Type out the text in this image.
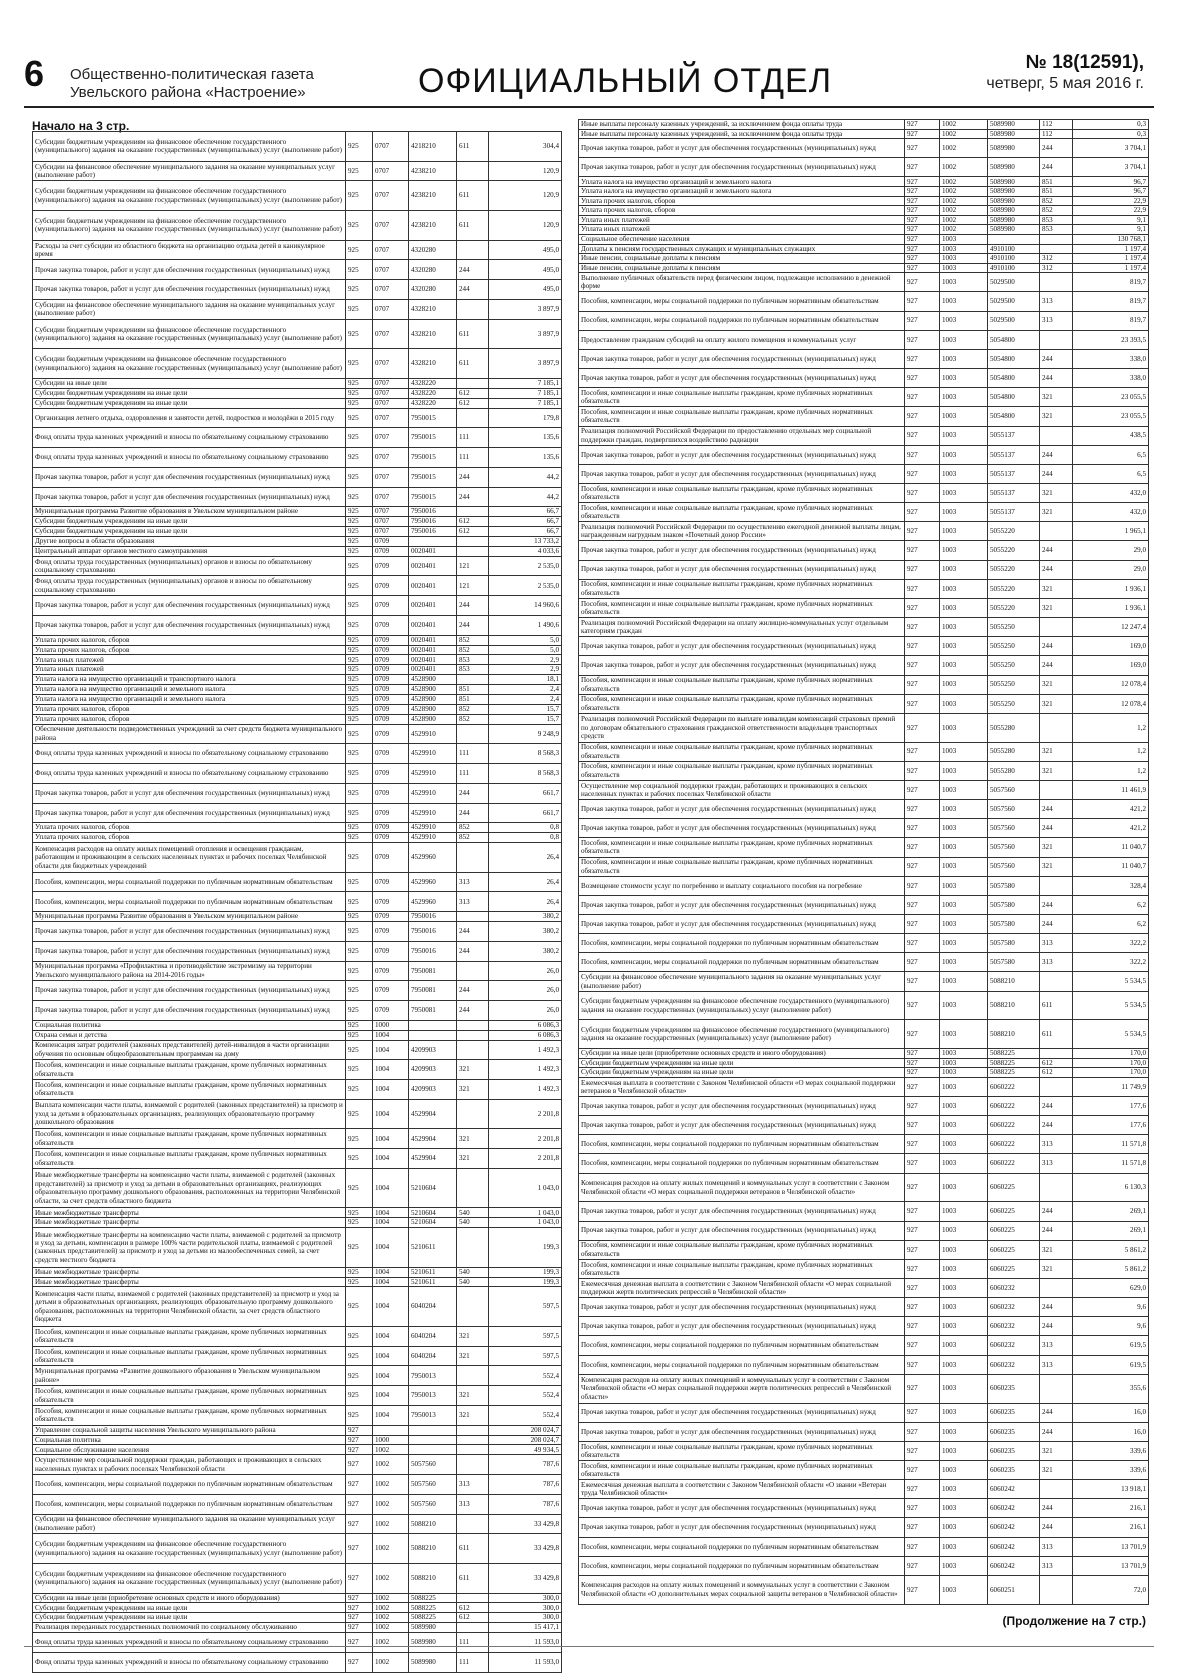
6 Общественно-политическая газета
Увельского района «Настроение»	ОФИЦИАЛЬНЫЙ ОТДЕЛ	№ 18(12591),
четверг, 5 мая 2016 г.
Начало на 3 стр.
Субсидии бюджетным учреждениям на финансовое обеспечение государственного (муниципального) задания на оказание государственных (муниципальных) услуг (выполнение работ)	925	0707	4218210	611	304,4
Субсидии на финансовое обеспечение муниципального задания на оказание муниципальных услуг (выполнение работ)	925	0707	4238210		120,9
Субсидии бюджетным учреждениям на финансовое обеспечение государственного (муниципального) задания на оказание государственных (муниципальных) услуг (выполнение работ)	925	0707	4238210	611	120,9
Субсидии бюджетным учреждениям на финансовое обеспечение государственного (муниципального) задания на оказание государственных (муниципальных) услуг (выполнение работ)	925	0707	4238210	611	120,9
Расходы за счет субсидии из областного бюджета на организацию отдыха детей в каникулярное время	925	0707	4320280		495,0
Прочая закупка товаров, работ и услуг для обеспечения государственных (муниципальных) нужд	925	0707	4320280	244	495,0
Прочая закупка товаров, работ и услуг для обеспечения государственных (муниципальных) нужд	925	0707	4320280	244	495,0
Субсидии на финансовое обеспечение муниципального задания на оказание муниципальных услуг (выполнение работ)	925	0707	4328210		3 897,9
Субсидии бюджетным учреждениям на финансовое обеспечение государственного (муниципального) задания на оказание государственных (муниципальных) услуг (выполнение работ)	925	0707	4328210	611	3 897,9
Субсидии бюджетным учреждениям на финансовое обеспечение государственного (муниципального) задания на оказание государственных (муниципальных) услуг (выполнение работ)	925	0707	4328210	611	3 897,9
Субсидии на иные цели	925	0707	4328220		7 185,1
Субсидии бюджетным учреждениям на иные цели	925	0707	4328220	612	7 185,1
Субсидии бюджетным учреждениям на иные цели	925	0707	4328220	612	7 185,1
Организация летнего отдыха, оздоровления и занятости детей, подростков и молодёжи в 2015 году	925	0707	7950015		179,8
Фонд оплаты труда казенных учреждений и взносы по обязательному социальному страхованию	925	0707	7950015	111	135,6
Фонд оплаты труда казенных учреждений и взносы по обязательному социальному страхованию	925	0707	7950015	111	135,6
Прочая закупка товаров, работ и услуг для обеспечения государственных (муниципальных) нужд	925	0707	7950015	244	44,2
Прочая закупка товаров, работ и услуг для обеспечения государственных (муниципальных) нужд	925	0707	7950015	244	44,2
Муниципальная программа Развитие образования в Увельском муниципальном районе	925	0707	7950016		66,7
Субсидии бюджетным учреждениям на иные цели	925	0707	7950016	612	66,7
Субсидии бюджетным учреждениям на иные цели	925	0707	7950016	612	66,7
Другие вопросы в области образования	925	0709			13 733,2
Центральный аппарат органов местного самоуправления	925	0709	0020401		4 033,6
Фонд оплаты труда государственных (муниципальных) органов и взносы по обязательному социальному страхованию	925	0709	0020401	121	2 535,0
Фонд оплаты труда государственных (муниципальных) органов и взносы по обязательному социальному страхованию	925	0709	0020401	121	2 535,0
Прочая закупка товаров, работ и услуг для обеспечения государственных (муниципальных) нужд	925	0709	0020401	244	14 960,6
Прочая закупка товаров, работ и услуг для обеспечения государственных (муниципальных) нужд	925	0709	0020401	244	1 490,6
Уплата прочих налогов, сборов	925	0709	0020401	852	5,0
Уплата прочих налогов, сборов	925	0709	0020401	852	5,0
Уплата иных платежей	925	0709	0020401	853	2,9
Уплата иных платежей	925	0709	0020401	853	2,9
Уплата налога на имущество организаций и транспортного налога	925	0709	4528900		18,1
Уплата налога на имущество организаций и земельного налога	925	0709	4528900	851	2,4
Уплата налога на имущество организаций и земельного налога	925	0709	4528900	851	2,4
Уплата прочих налогов, сборов	925	0709	4528900	852	15,7
Уплата прочих налогов, сборов	925	0709	4528900	852	15,7
Обеспечение деятельности подведомственных учреждений за счет средств бюджета муниципального района	925	0709	4529910		9 248,9
Фонд оплаты труда казенных учреждений и взносы по обязательному социальному страхованию	925	0709	4529910	111	8 568,3
Фонд оплаты труда казенных учреждений и взносы по обязательному социальному страхованию	925	0709	4529910	111	8 568,3
Прочая закупка товаров, работ и услуг для обеспечения государственных (муниципальных) нужд	925	0709	4529910	244	661,7
Прочая закупка товаров, работ и услуг для обеспечения государственных (муниципальных) нужд	925	0709	4529910	244	661,7
Уплата прочих налогов, сборов	925	0709	4529910	852	0,8
Уплата прочих налогов, сборов	925	0709	4529910	852	0,8
Компенсация расходов на оплату жилых помещений отопления и освещения гражданам, работающим и проживающим в сельских населенных пунктах и рабочих поселках Челябинской области для бюджетных учреждений	925	0709	4529960		26,4
Пособия, компенсации, меры социальной поддержки по публичным нормативным обязательствам	925	0709	4529960	313	26,4
Пособия, компенсации, меры социальной поддержки по публичным нормативным обязательствам	925	0709	4529960	313	26,4
Муниципальная программа Развитие образования в Увельском муниципальном районе	925	0709	7950016		380,2
Прочая закупка товаров, работ и услуг для обеспечения государственных (муниципальных) нужд	925	0709	7950016	244	380,2
Прочая закупка товаров, работ и услуг для обеспечения государственных (муниципальных) нужд	925	0709	7950016	244	380,2
Муниципальная программа «Профилактика и противодействие экстремизму на территории Увельского муниципального района на 2014-2016 годы»	925	0709	7950081		26,0
Прочая закупка товаров, работ и услуг для обеспечения государственных (муниципальных) нужд	925	0709	7950081	244	26,0
Прочая закупка товаров, работ и услуг для обеспечения государственных (муниципальных) нужд	925	0709	7950081	244	26,0
Социальная политика	925	1000			6 086,3
Охрана семьи и детства	925	1004			6 086,3
Компенсация затрат родителей (законных представителей) детей-инвалидов в части организации обучения по основным общеобразовательным программам на дому	925	1004	4209903		1 492,3
Пособия, компенсации и иные социальные выплаты гражданам, кроме публичных нормативных обязательств	925	1004	4209903	321	1 492,3
Пособия, компенсации и иные социальные выплаты гражданам, кроме публичных нормативных обязательств	925	1004	4209903	321	1 492,3
Выплата компенсации части платы, взимаемой с родителей (законных представителей) за присмотр и уход за детьми в образовательных организациях, реализующих образовательную программу дошкольного образования	925	1004	4529904		2 201,8
Пособия, компенсации и иные социальные выплаты гражданам, кроме публичных нормативных обязательств	925	1004	4529904	321	2 201,8
Пособия, компенсации и иные социальные выплаты гражданам, кроме публичных нормативных обязательств	925	1004	4529904	321	2 201,8
Иные межбюджетные трансферты на компенсацию части платы, взимаемой с родителей (законных представителей) за присмотр и уход за детьми в образовательных организациях, реализующих образовательную программу дошкольного образования, расположенных на территории Челябинской области, за счет средств областного бюджета	925	1004	5210604		1 043,0
Иные межбюджетные трансферты	925	1004	5210604	540	1 043,0
Иные межбюджетные трансферты	925	1004	5210604	540	1 043,0
Иные межбюджетные трансферты на компенсацию части платы, взимаемой с родителей за присмотр и уход за детьми, компенсации в размере 100% части родительской платы, взимаемой с родителей (законных представителей) за присмотр и уход за детьми из малообеспеченных семей, за счет средств местного бюджета	925	1004	5210611		199,3
Иные межбюджетные трансферты	925	1004	5210611	540	199,3
Иные межбюджетные трансферты	925	1004	5210611	540	199,3
Компенсация части платы, взимаемой с родителей (законных представителей) за присмотр и уход за детьми в образовательных организациях, реализующих образовательную программу дошкольного образования, расположенных на территории Челябинской области, за счет средств областного бюджета	925	1004	6040204		597,5
Пособия, компенсации и иные социальные выплаты гражданам, кроме публичных нормативных обязательств	925	1004	6040204	321	597,5
Пособия, компенсации и иные социальные выплаты гражданам, кроме публичных нормативных обязательств	925	1004	6040204	321	597,5
Муниципальная программа «Развитие дошкольного образования в Увельском муниципальном районе»	925	1004	7950013		552,4
Пособия, компенсации и иные социальные выплаты гражданам, кроме публичных нормативных обязательств	925	1004	7950013	321	552,4
Пособия, компенсации и иные социальные выплаты гражданам, кроме публичных нормативных обязательств	925	1004	7950013	321	552,4
Управление социальной защиты населения Увельского муниципального района	927				208 024,7
Социальная политика	927	1000			208 024,7
Социальное обслуживание населения	927	1002			49 934,5
Осуществление мер социальной поддержки граждан, работающих и проживающих в сельских населенных пунктах и рабочих поселках Челябинской области	927	1002	5057560		787,6
Пособия, компенсации, меры социальной поддержки по публичным нормативным обязательствам	927	1002	5057560	313	787,6
Пособия, компенсации, меры социальной поддержки по публичным нормативным обязательствам	927	1002	5057560	313	787,6
Субсидии на финансовое обеспечение муниципального задания на оказание муниципальных услуг (выполнение работ)	927	1002	5088210		33 429,8
Субсидии бюджетным учреждениям на финансовое обеспечение государственного (муниципального) задания на оказание государственных (муниципальных) услуг (выполнение работ)	927	1002	5088210	611	33 429,8
Субсидии бюджетным учреждениям на финансовое обеспечение государственного (муниципального) задания на оказание государственных (муниципальных) услуг (выполнение работ)	927	1002	5088210	611	33 429,8
Субсидии на иные цели (приобретение основных средств и иного оборудования)	927	1002	5088225		300,0
Субсидии бюджетным учреждениям на иные цели	927	1002	5088225	612	300,0
Субсидии бюджетным учреждениям на иные цели	927	1002	5088225	612	300,0
Реализация переданных государственных полномочий по социальному обслуживанию	927	1002	5089980		15 417,1
Фонд оплаты труда казенных учреждений и взносы по обязательному социальному страхованию	927	1002	5089980	111	11 593,0
Фонд оплаты труда казенных учреждений и взносы по обязательному социальному страхованию	927	1002	5089980	111	11 593,0
Иные выплаты персоналу казенных учреждений, за исключением фонда оплаты труда	927	1002	5089980	112	0,3
Иные выплаты персоналу казенных учреждений, за исключением фонда оплаты труда	927	1002	5089980	112	0,3
Прочая закупка товаров, работ и услуг для обеспечения государственных (муниципальных) нужд	927	1002	5089980	244	3 704,1
Прочая закупка товаров, работ и услуг для обеспечения государственных (муниципальных) нужд	927	1002	5089980	244	3 704,1
Уплата налога на имущество организаций и земельного налога	927	1002	5089980	851	96,7
Уплата налога на имущество организаций и земельного налога	927	1002	5089980	851	96,7
Уплата прочих налогов, сборов	927	1002	5089980	852	22,9
Уплата прочих налогов, сборов	927	1002	5089980	852	22,9
Уплата иных платежей	927	1002	5089980	853	9,1
Уплата иных платежей	927	1002	5089980	853	9,1
Социальное обеспечение населения	927	1003			130 768,1
Доплаты к пенсиям государственных служащих и муниципальных служащих	927	1003	4910100		1 197,4
Иные пенсии, социальные доплаты к пенсиям	927	1003	4910100	312	1 197,4
Иные пенсии, социальные доплаты к пенсиям	927	1003	4910100	312	1 197,4
Выполнение публичных обязательств перед физическим лицом, подлежащие исполнению в денежной форме	927	1003	5029500		819,7
Пособия, компенсации, меры социальной поддержки по публичным нормативным обязательствам	927	1003	5029500	313	819,7
Пособия, компенсации, меры социальной поддержки по публичным нормативным обязательствам	927	1003	5029500	313	819,7
Предоставление гражданам субсидий на оплату жилого помещения и коммунальных услуг	927	1003	5054800		23 393,5
Прочая закупка товаров, работ и услуг для обеспечения государственных (муниципальных) нужд	927	1003	5054800	244	338,0
Прочая закупка товаров, работ и услуг для обеспечения государственных (муниципальных) нужд	927	1003	5054800	244	338,0
Пособия, компенсации и иные социальные выплаты гражданам, кроме публичных нормативных обязательств	927	1003	5054800	321	23 055,5
Пособия, компенсации и иные социальные выплаты гражданам, кроме публичных нормативных обязательств	927	1003	5054800	321	23 055,5
Реализация полномочий Российской Федерации по предоставлению отдельных мер социальной поддержки граждан, подвергшихся воздействию радиации	927	1003	5055137		438,5
Прочая закупка товаров, работ и услуг для обеспечения государственных (муниципальных) нужд	927	1003	5055137	244	6,5
Прочая закупка товаров, работ и услуг для обеспечения государственных (муниципальных) нужд	927	1003	5055137	244	6,5
Пособия, компенсации и иные социальные выплаты гражданам, кроме публичных нормативных обязательств	927	1003	5055137	321	432,0
Пособия, компенсации и иные социальные выплаты гражданам, кроме публичных нормативных обязательств	927	1003	5055137	321	432,0
Реализация полномочий Российской Федерации по осуществлению ежегодной денежной выплаты лицам, награжденным нагрудным знаком «Почетный донор России»	927	1003	5055220		1 965,1
Прочая закупка товаров, работ и услуг для обеспечения государственных (муниципальных) нужд	927	1003	5055220	244	29,0
Прочая закупка товаров, работ и услуг для обеспечения государственных (муниципальных) нужд	927	1003	5055220	244	29,0
Пособия, компенсации и иные социальные выплаты гражданам, кроме публичных нормативных обязательств	927	1003	5055220	321	1 936,1
Пособия, компенсации и иные социальные выплаты гражданам, кроме публичных нормативных обязательств	927	1003	5055220	321	1 936,1
Реализация полномочий Российской Федерации на оплату жилищно-коммунальных услуг отдельным категориям граждан	927	1003	5055250		12 247,4
Прочая закупка товаров, работ и услуг для обеспечения государственных (муниципальных) нужд	927	1003	5055250	244	169,0
Прочая закупка товаров, работ и услуг для обеспечения государственных (муниципальных) нужд	927	1003	5055250	244	169,0
Пособия, компенсации и иные социальные выплаты гражданам, кроме публичных нормативных обязательств	927	1003	5055250	321	12 078,4
Пособия, компенсации и иные социальные выплаты гражданам, кроме публичных нормативных обязательств	927	1003	5055250	321	12 078,4
Реализация полномочий Российской Федерации по выплате инвалидам компенсаций страховых премий по договорам обязательного страхования гражданской ответственности владельцев транспортных средств	927	1003	5055280		1,2
Пособия, компенсации и иные социальные выплаты гражданам, кроме публичных нормативных обязательств	927	1003	5055280	321	1,2
Пособия, компенсации и иные социальные выплаты гражданам, кроме публичных нормативных обязательств	927	1003	5055280	321	1,2
Осуществление мер социальной поддержки граждан, работающих и проживающих в сельских населенных пунктах и рабочих поселках Челябинской области	927	1003	5057560		11 461,9
Прочая закупка товаров, работ и услуг для обеспечения государственных (муниципальных) нужд	927	1003	5057560	244	421,2
Прочая закупка товаров, работ и услуг для обеспечения государственных (муниципальных) нужд	927	1003	5057560	244	421,2
Пособия, компенсации и иные социальные выплаты гражданам, кроме публичных нормативных обязательств	927	1003	5057560	321	11 040,7
Пособия, компенсации и иные социальные выплаты гражданам, кроме публичных нормативных обязательств	927	1003	5057560	321	11 040,7
Возмещение стоимости услуг по погребению и выплату социального пособия на погребение	927	1003	5057580		328,4
Прочая закупка товаров, работ и услуг для обеспечения государственных (муниципальных) нужд	927	1003	5057580	244	6,2
Прочая закупка товаров, работ и услуг для обеспечения государственных (муниципальных) нужд	927	1003	5057580	244	6,2
Пособия, компенсации, меры социальной поддержки по публичным нормативным обязательствам	927	1003	5057580	313	322,2
Пособия, компенсации, меры социальной поддержки по публичным нормативным обязательствам	927	1003	5057580	313	322,2
Субсидии на финансовое обеспечение муниципального задания на оказание муниципальных услуг (выполнение работ)	927	1003	5088210		5 534,5
Субсидии бюджетным учреждениям на финансовое обеспечение государственного (муниципального) задания на оказание государственных (муниципальных) услуг (выполнение работ)	927	1003	5088210	611	5 534,5
Субсидии бюджетным учреждениям на финансовое обеспечение государственного (муниципального) задания на оказание государственных (муниципальных) услуг (выполнение работ)	927	1003	5088210	611	5 534,5
Субсидии на иные цели (приобретение основных средств и иного оборудования)	927	1003	5088225		170,0
Субсидии бюджетным учреждениям на иные цели	927	1003	5088225	612	170,0
Субсидии бюджетным учреждениям на иные цели	927	1003	5088225	612	170,0
Ежемесячная выплата в соответствии с Законом Челябинской области «О мерах социальной поддержки ветеранов в Челябинской области»	927	1003	6060222		11 749,9
Прочая закупка товаров, работ и услуг для обеспечения государственных (муниципальных) нужд	927	1003	6060222	244	177,6
Прочая закупка товаров, работ и услуг для обеспечения государственных (муниципальных) нужд	927	1003	6060222	244	177,6
Пособия, компенсации, меры социальной поддержки по публичным нормативным обязательствам	927	1003	6060222	313	11 571,8
Пособия, компенсации, меры социальной поддержки по публичным нормативным обязательствам	927	1003	6060222	313	11 571,8
Компенсация расходов на оплату жилых помещений и коммунальных услуг в соответствии с Законом Челябинской области «О мерах социальной поддержки ветеранов в Челябинской области»	927	1003	6060225		6 130,3
Прочая закупка товаров, работ и услуг для обеспечения государственных (муниципальных) нужд	927	1003	6060225	244	269,1
Прочая закупка товаров, работ и услуг для обеспечения государственных (муниципальных) нужд	927	1003	6060225	244	269,1
Пособия, компенсации и иные социальные выплаты гражданам, кроме публичных нормативных обязательств	927	1003	6060225	321	5 861,2
Пособия, компенсации и иные социальные выплаты гражданам, кроме публичных нормативных обязательств	927	1003	6060225	321	5 861,2
Ежемесячная денежная выплата в соответствии с Законом Челябинской области «О мерах социальной поддержки жертв политических репрессий в Челябинской области»	927	1003	6060232		629,0
Прочая закупка товаров, работ и услуг для обеспечения государственных (муниципальных) нужд	927	1003	6060232	244	9,6
Прочая закупка товаров, работ и услуг для обеспечения государственных (муниципальных) нужд	927	1003	6060232	244	9,6
Пособия, компенсации, меры социальной поддержки по публичным нормативным обязательствам	927	1003	6060232	313	619,5
Пособия, компенсации, меры социальной поддержки по публичным нормативным обязательствам	927	1003	6060232	313	619,5
Компенсация расходов на оплату жилых помещений и коммунальных услуг в соответствии с Законом Челябинской области «О мерах социальной поддержки жертв политических репрессий в Челябинской области»	927	1003	6060235		355,6
Прочая закупка товаров, работ и услуг для обеспечения государственных (муниципальных) нужд	927	1003	6060235	244	16,0
Прочая закупка товаров, работ и услуг для обеспечения государственных (муниципальных) нужд	927	1003	6060235	244	16,0
Пособия, компенсации и иные социальные выплаты гражданам, кроме публичных нормативных обязательств	927	1003	6060235	321	339,6
Пособия, компенсации и иные социальные выплаты гражданам, кроме публичных нормативных обязательств	927	1003	6060235	321	339,6
Ежемесячная денежная выплата в соответствии с Законом Челябинской области «О звании «Ветеран труда Челябинской области»	927	1003	6060242		13 918,1
Прочая закупка товаров, работ и услуг для обеспечения государственных (муниципальных) нужд	927	1003	6060242	244	216,1
Прочая закупка товаров, работ и услуг для обеспечения государственных (муниципальных) нужд	927	1003	6060242	244	216,1
Пособия, компенсации, меры социальной поддержки по публичным нормативным обязательствам	927	1003	6060242	313	13 701,9
Пособия, компенсации, меры социальной поддержки по публичным нормативным обязательствам	927	1003	6060242	313	13 701,9
Компенсация расходов на оплату жилых помещений и коммунальных услуг в соответствии с Законом Челябинской области «О дополнительных мерах социальной защиты ветеранов в Челябинской области»	927	1003	6060251		72,0
(Продолжение на 7 стр.)
